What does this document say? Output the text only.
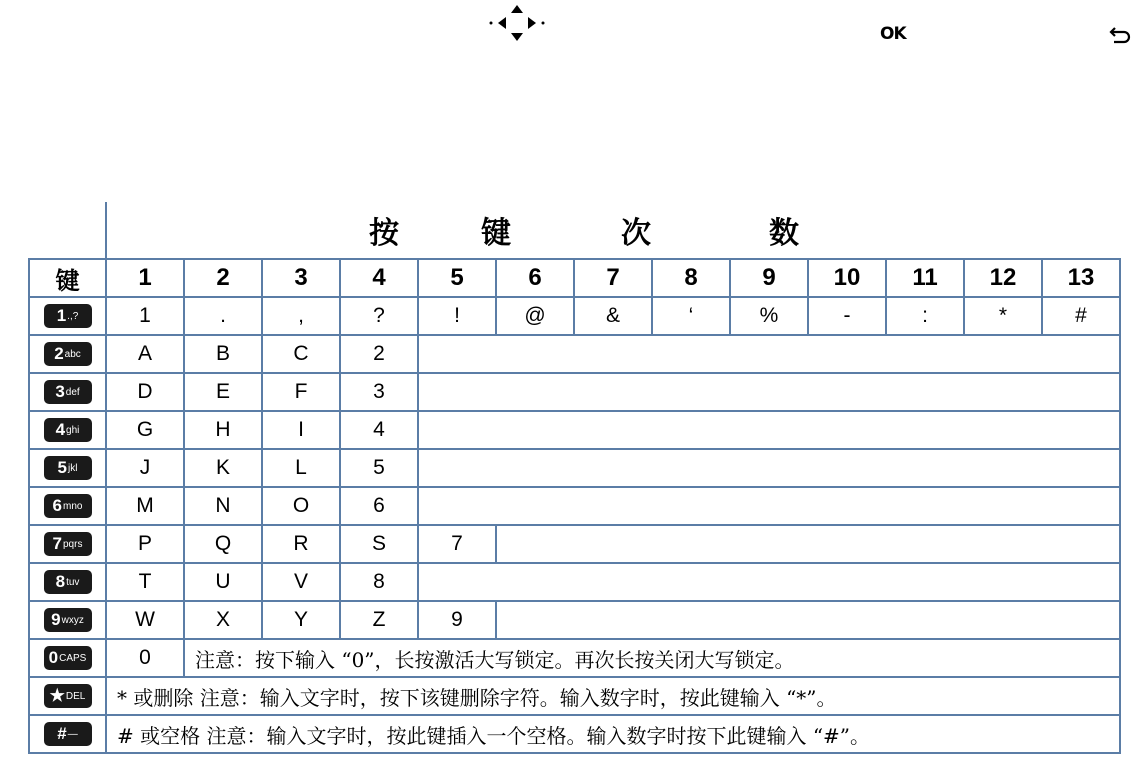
OK

	按 键 次 数												

键	1	2	3	4	5	6	7	8	9	10	11	12	13

1 .,?	1	.	,	?	!	@	&	‘	%	-	:	*	#

2 abc	A	B	C	2									

3 def	D	E	F	3									

4 ghi	G	H	I	4									

5 jkl	J	K	L	5									

6 mno	M	N	O	6									

7 pqrs	P	Q	R	S	7								

8 tuv	T	U	V	8									

9 wxyz	W	X	Y	Z	9								

0 CAPS	0	注意：按下输入 “0”，长按激活大写锁定。再次长按关闭大写锁定。											

★ DEL	* 或删除 注意：输入文字时，按下该键删除字符。输入数字时，按此键输入 “*”。												

# —	# 或空格 注意：输入文字时，按此键插入一个空格。输入数字时按下此键输入 “#”。												
